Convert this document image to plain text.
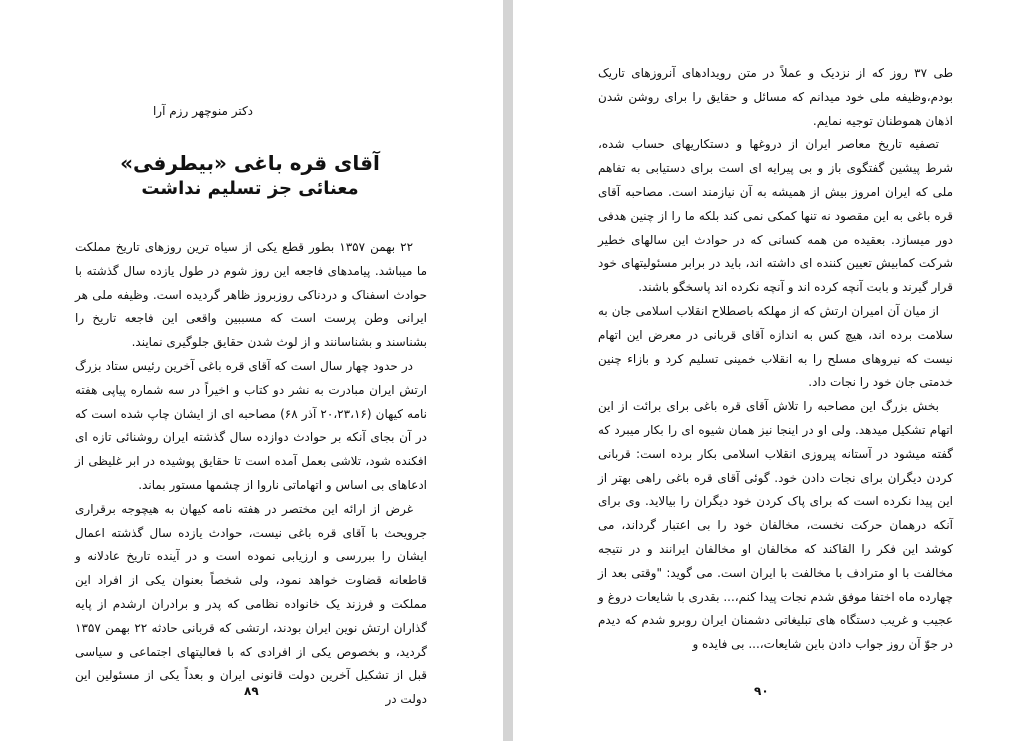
دکتر منوچهر رزم آرا
آقای قره باغی «بیطرفی»
معنائی جز تسلیم نداشت

۲۲ بهمن ۱۳۵۷ بطور قطع یکی از سیاه ترین روزهای تاریخ مملکت ما میباشد. پیامدهای فاجعه این روز شوم در طول یازده سال گذشته با حوادث اسفناک و دردناکی روزبروز ظاهر گردیده است. وظیفه ملی هر ایرانی وطن پرست است که مسببین واقعی این فاجعه تاریخ را بشناسند و بشناسانند و از لوث شدن حقایق جلوگیری نمایند.

در حدود چهار سال است که آقای قره باغی آخرین رئیس ستاد بزرگ ارتش ایران مبادرت به نشر دو کتاب و اخیراً در سه شماره پیاپی هفته نامه کیهان (۲۰،۲۳،۱۶ آذر ۶۸) مصاحبه ای از ایشان چاپ شده است که در آن بجای آنکه بر حوادث دوازده سال گذشته ایران روشنائی تازه ای افکنده شود، تلاشی بعمل آمده است تا حقایق پوشیده در ابر غلیظی از ادعاهای بی اساس و اتهاماتی ناروا از چشمها مستور بماند.

غرض از ارائه این مختصر در هفته نامه کیهان به هیچوجه برقراری جرویحث با آقای قره باغی نیست، حوادث یازده سال گذشته اعمال ایشان را ببررسی و ارزیابی نموده است و در آینده تاریخ عادلانه و قاطعانه قضاوت خواهد نمود، ولی شخصاً بعنوان یکی از افراد این مملکت و فرزند یک خانواده نظامی که پدر و برادران ارشدم از پایه گذاران ارتش نوین ایران بودند، ارتشی که قربانی حادثه ۲۲ بهمن ۱۳۵۷ گردید، و بخصوص یکی از افرادی که با فعالیتهای اجتماعی و سیاسی قبل از تشکیل آخرین دولت قانونی ایران و بعداً یکی از مسئولین این دولت در

۸۹

طی ۳۷ روز که از نزدیک و عملاً در متن رویدادهای آنروزهای تاریک بودم،وظیفه ملی خود میدانم که مسائل و حقایق را برای روشن شدن اذهان هموطنان توجیه نمایم.

تصفیه تاریخ معاصر ایران از دروغها و دستکاریهای حساب شده، شرط پیشین گفتگوی باز و بی پیرایه ای است برای دستیابی به تفاهم ملی که ایران امروز بیش از همیشه به آن نیازمند است. مصاحبه آقای قره باغی به این مقصود نه تنها کمکی نمی کند بلکه ما را از چنین هدفی دور میسازد. بعقیده من همه کسانی که در حوادث این سالهای خطیر شرکت کمابیش تعیین کننده ای داشته اند، باید در برابر مسئولیتهای خود قرار گیرند و بابت آنچه کرده اند و آنچه نکرده اند پاسخگو باشند.

از میان آن امیران ارتش که از مهلکه باصطلاح انقلاب اسلامی جان به سلامت برده اند، هیچ کس به اندازه آقای قربانی در معرض این اتهام نیست که نیروهای مسلح را به انقلاب خمینی تسلیم کرد و بازاء چنین خدمتی جان خود را نجات داد.

بخش بزرگ این مصاحبه را تلاش آقای قره باغی برای برائت از این اتهام تشکیل میدهد. ولی او در اینجا نیز همان شیوه ای را بکار میبرد که گفته میشود در آستانه پیروزی انقلاب اسلامی بکار برده است: قربانی کردن دیگران برای نجات دادن خود. گوئی آقای قره باغی راهی بهتر از این پیدا نکرده است که برای پاک کردن خود دیگران را بیالاید. وی برای آنکه درهمان حرکت نخست، مخالفان خود را بی اعتبار گرداند، می کوشد این فکر را القاکند که مخالفان او مخالفان ایرانند و در نتیجه مخالفت با او مترادف با مخالفت با ایران است. می گوید: "وقتی بعد از چهارده ماه اختفا موفق شدم نجات پیدا کنم،... بقدری با شایعات دروغ و عجیب و غریب دستگاه های تبلیغاتی دشمنان ایران روبرو شدم که دیدم در جوّ آن روز جواب دادن باین شایعات،... بی فایده و

۹۰
